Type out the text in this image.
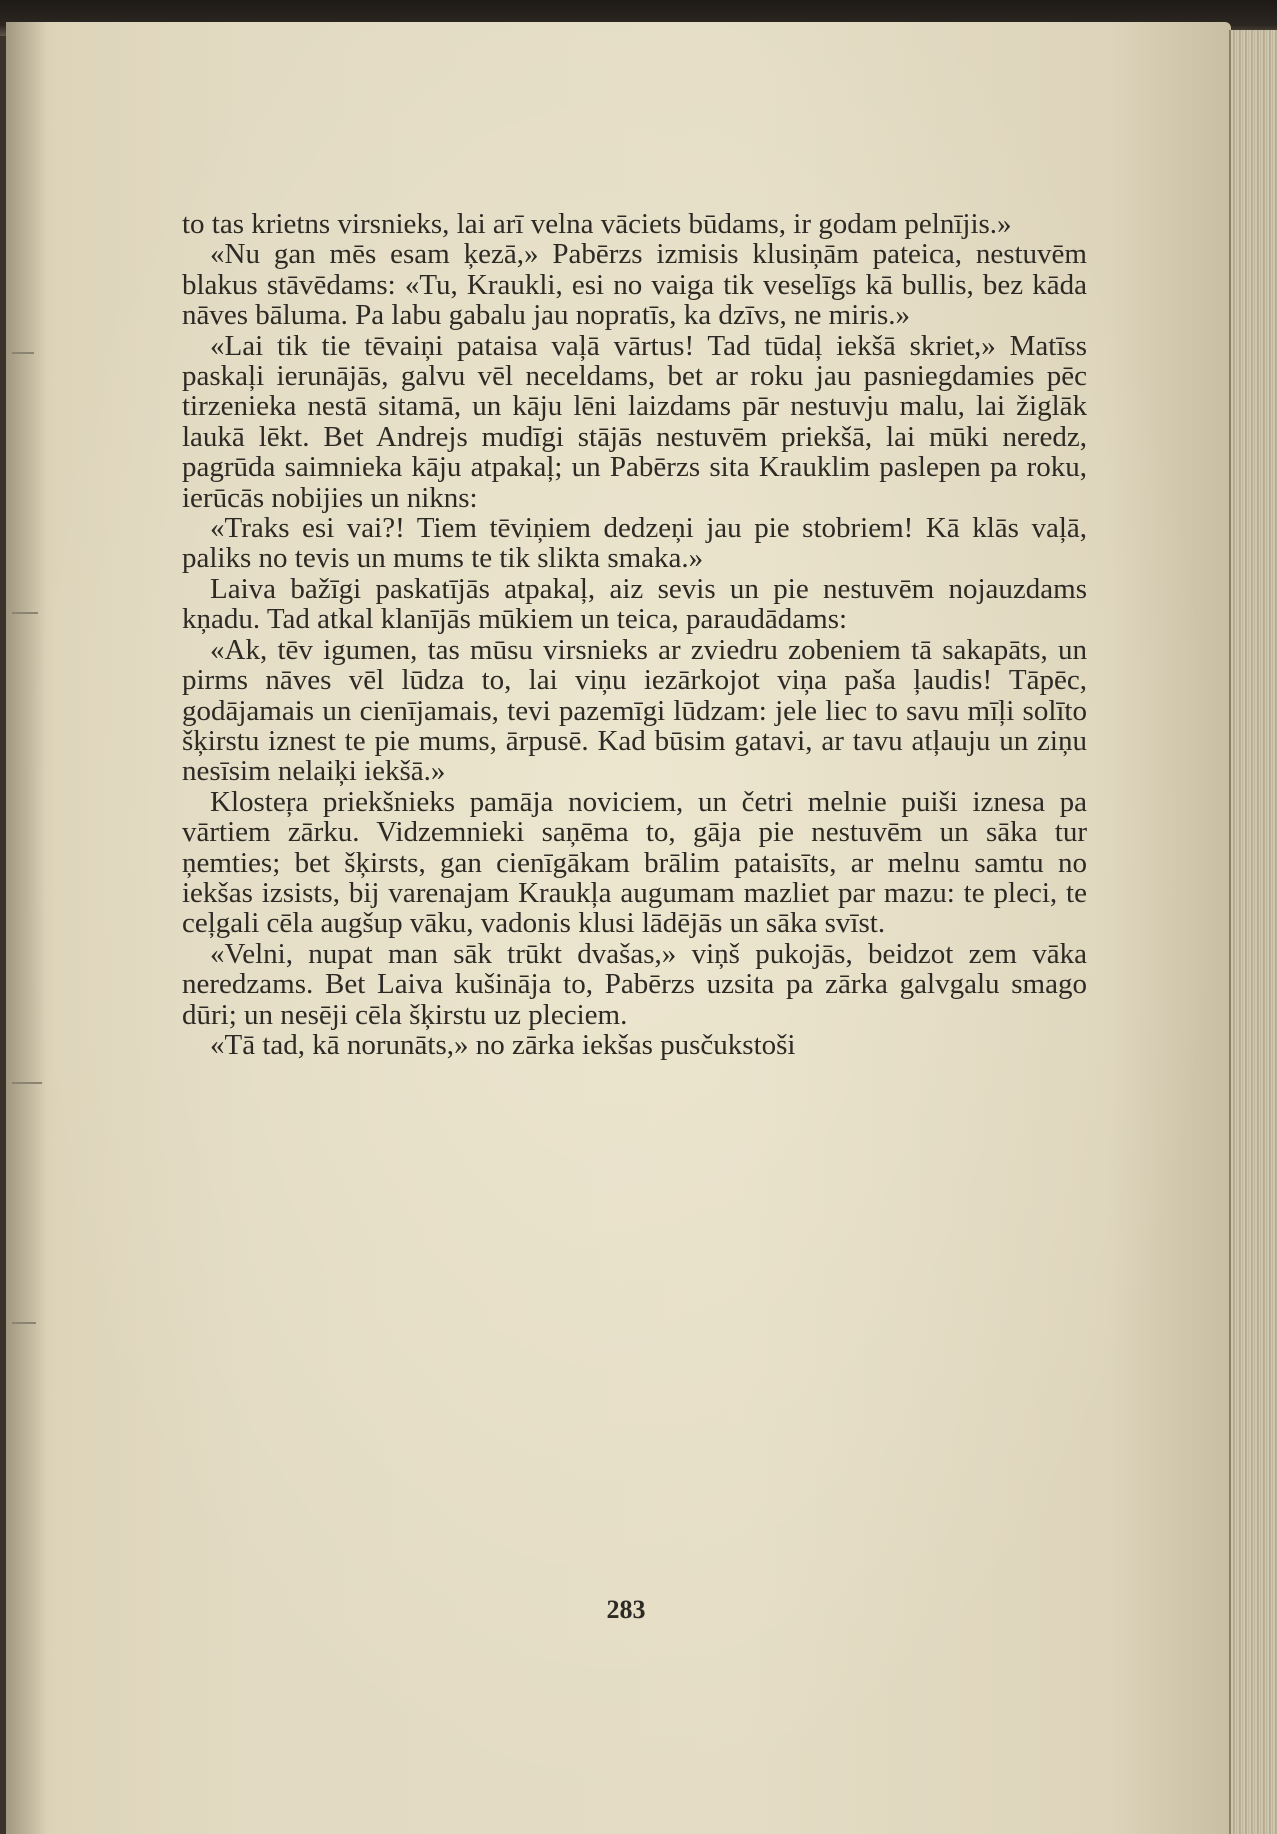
to tas krietns virsnieks, lai arī velna vāciets būdams, ir godam pelnījis.»

«Nu gan mēs esam ķezā,» Pabērzs izmisis klusiņām pateica, nestuvēm blakus stāvēdams: «Tu, Kraukli, esi no vaiga tik veselīgs kā bullis, bez kāda nāves bāluma. Pa labu gabalu jau nopratīs, ka dzīvs, ne miris.»

«Lai tik tie tēvaiņi pataisa vaļā vārtus! Tad tūdaļ iekšā skriet,» Matīss paskaļi ierunājās, galvu vēl neceldams, bet ar roku jau pasniegdamies pēc tirzenieka nestā sitamā, un kāju lēni laizdams pār nestuvju malu, lai žiglāk laukā lēkt. Bet Andrejs mudīgi stājās nestuvēm priekšā, lai mūki neredz, pagrūda saimnieka kāju atpakaļ; un Pabērzs sita Krauklim paslepen pa roku, ierūcās nobijies un nikns:

«Traks esi vai?! Tiem tēviņiem dedzeņi jau pie stobriem! Kā klās vaļā, paliks no tevis un mums te tik slikta smaka.»

Laiva bažīgi paskatījās atpakaļ, aiz sevis un pie nestuvēm nojauzdams kņadu. Tad atkal klanījās mūkiem un teica, paraudādams:

«Ak, tēv igumen, tas mūsu virsnieks ar zviedru zobeniem tā sakapāts, un pirms nāves vēl lūdza to, lai viņu iezārkojot viņa paša ļaudis! Tāpēc, godājamais un cienījamais, tevi pazemīgi lūdzam: jele liec to savu mīļi solīto šķirstu iznest te pie mums, ārpusē. Kad būsim gatavi, ar tavu atļauju un ziņu nesīsim nelaiķi iekšā.»

Klosteŗa priekšnieks pamāja noviciem, un četri melnie puiši iznesa pa vārtiem zārku. Vidzemnieki saņēma to, gāja pie nestuvēm un sāka tur ņemties; bet šķirsts, gan cienīgākam brālim pataisīts, ar melnu samtu no iekšas izsists, bij varenajam Kraukļa augumam mazliet par mazu: te pleci, te ceļgali cēla augšup vāku, vadonis klusi lādējās un sāka svīst.

«Velni, nupat man sāk trūkt dvašas,» viņš pukojās, beidzot zem vāka neredzams. Bet Laiva kušināja to, Pabērzs uzsita pa zārka galvgalu smago dūri; un nesēji cēla šķirstu uz pleciem.

«Tā tad, kā norunāts,» no zārka iekšas pusčukstoši

283
